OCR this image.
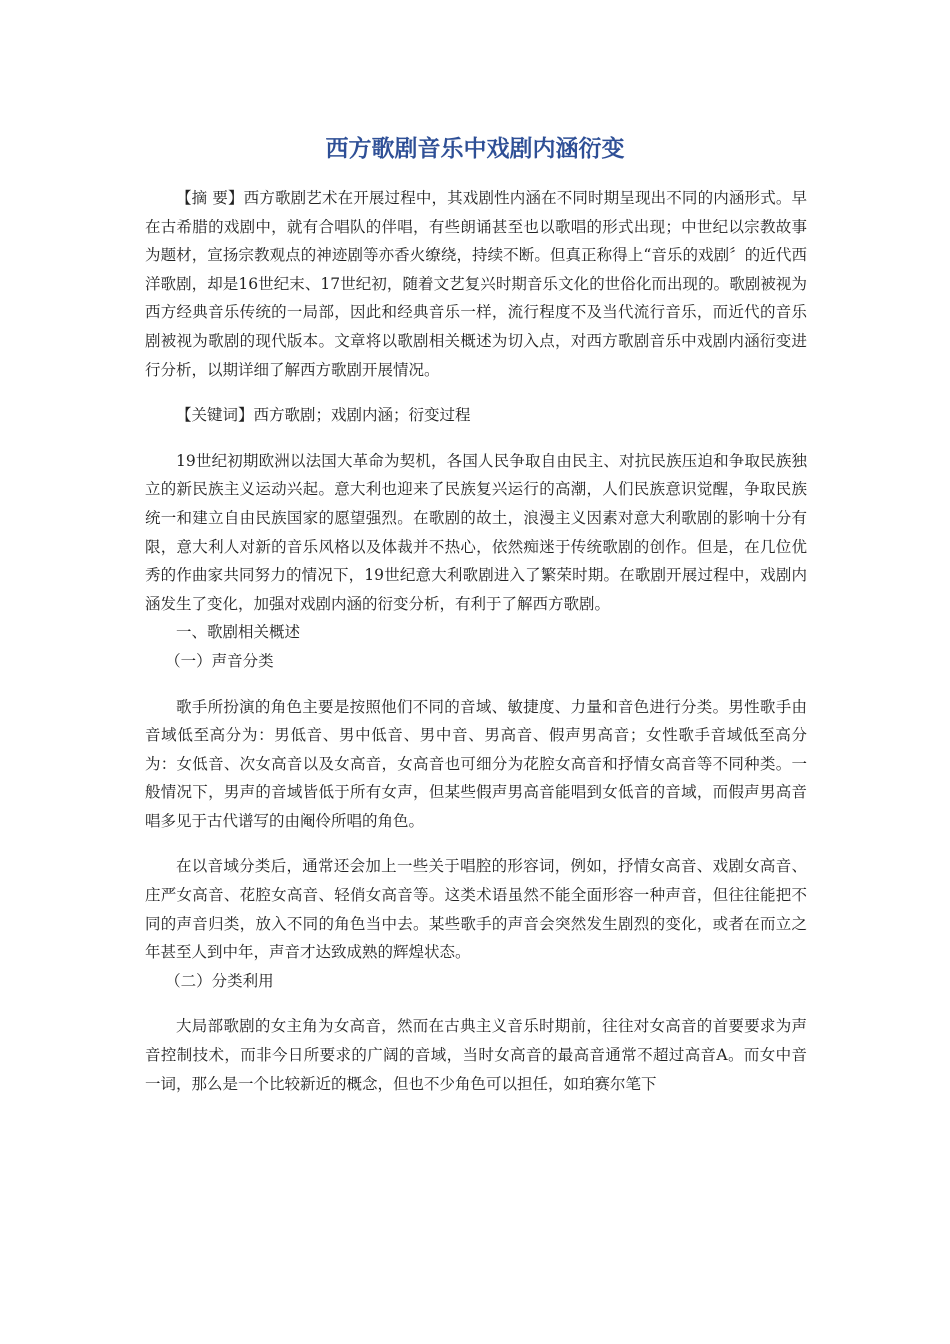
西方歌剧音乐中戏剧内涵衍变

【摘 要】西方歌剧艺术在开展过程中，其戏剧性内涵在不同时期呈现出不同的内涵形式。早在古希腊的戏剧中，就有合唱队的伴唱，有些朗诵甚至也以歌唱的形式出现；中世纪以宗教故事为题材，宣扬宗教观点的神迹剧等亦香火缭绕，持续不断。但真正称得上“音乐的戏剧〞的近代西洋歌剧，却是16世纪末、17世纪初，随着文艺复兴时期音乐文化的世俗化而出现的。歌剧被视为西方经典音乐传统的一局部，因此和经典音乐一样，流行程度不及当代流行音乐，而近代的音乐剧被视为歌剧的现代版本。文章将以歌剧相关概述为切入点，对西方歌剧音乐中戏剧内涵衍变进行分析，以期详细了解西方歌剧开展情况。

【关键词】西方歌剧；戏剧内涵；衍变过程

19世纪初期欧洲以法国大革命为契机，各国人民争取自由民主、对抗民族压迫和争取民族独立的新民族主义运动兴起。意大利也迎来了民族复兴运行的高潮，人们民族意识觉醒，争取民族统一和建立自由民族国家的愿望强烈。在歌剧的故土，浪漫主义因素对意大利歌剧的影响十分有限，意大利人对新的音乐风格以及体裁并不热心，依然痴迷于传统歌剧的创作。但是，在几位优秀的作曲家共同努力的情况下，19世纪意大利歌剧进入了繁荣时期。在歌剧开展过程中，戏剧内涵发生了变化，加强对戏剧内涵的衍变分析，有利于了解西方歌剧。

一、歌剧相关概述

（一）声音分类

歌手所扮演的角色主要是按照他们不同的音域、敏捷度、力量和音色进行分类。男性歌手由音域低至高分为：男低音、男中低音、男中音、男高音、假声男高音；女性歌手音域低至高分为：女低音、次女高音以及女高音，女高音也可细分为花腔女高音和抒情女高音等不同种类。一般情况下，男声的音域皆低于所有女声，但某些假声男高音能唱到女低音的音域，而假声男高音唱多见于古代谱写的由阉伶所唱的角色。

在以音域分类后，通常还会加上一些关于唱腔的形容词，例如，抒情女高音、戏剧女高音、庄严女高音、花腔女高音、轻俏女高音等。这类术语虽然不能全面形容一种声音，但往往能把不同的声音归类，放入不同的角色当中去。某些歌手的声音会突然发生剧烈的变化，或者在而立之年甚至人到中年，声音才达致成熟的辉煌状态。

（二）分类利用

大局部歌剧的女主角为女高音，然而在古典主义音乐时期前，往往对女高音的首要要求为声音控制技术，而非今日所要求的广阔的音域，当时女高音的最高音通常不超过高音A。而女中音一词，那么是一个比较新近的概念，但也不少角色可以担任，如珀赛尔笔下
